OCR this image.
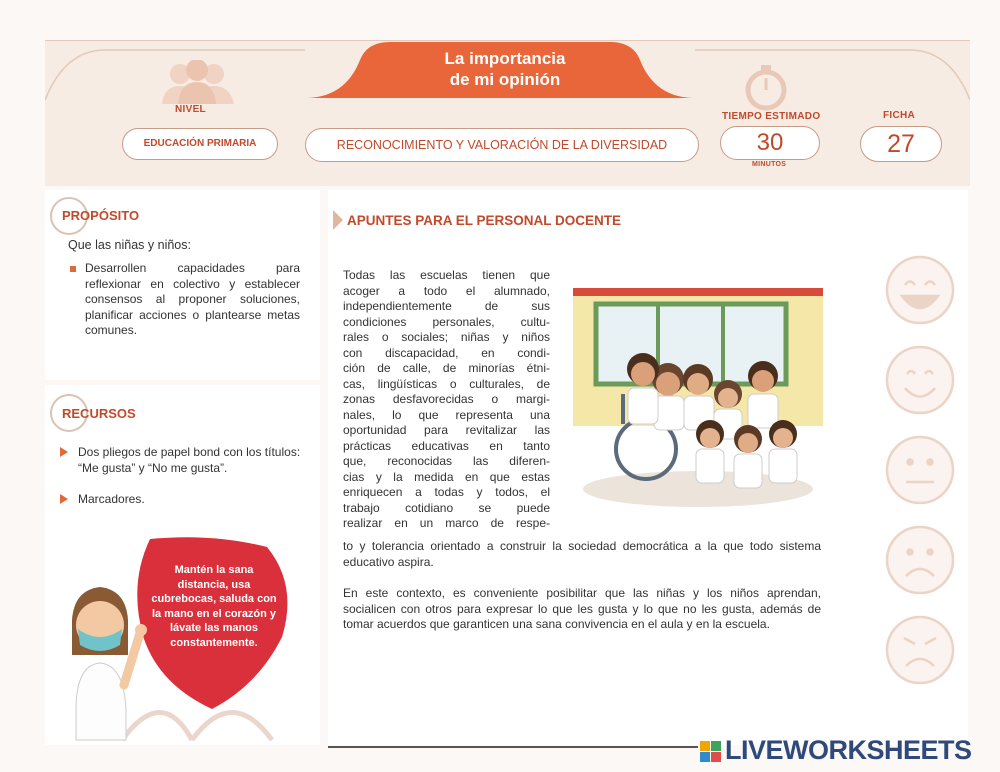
La importancia
de mi opinión
NIVEL
EDUCACIÓN PRIMARIA	RECONOCIMIENTO Y VALORACIÓN DE LA DIVERSIDAD
TIEMPO ESTIMADO
30
MINUTOS
FICHA
27
PROPÓSITO
Que las niñas y niños:
Desarrollen capacidades para reflexionar en colectivo y establecer consensos al proponer soluciones, planificar acciones o plantearse metas comunes.
RECURSOS
Dos pliegos de papel bond con los títulos: “Me gusta” y “No me gusta”.
Marcadores.
Mantén la sana distancia, usa cubrebocas, saluda con la mano en el corazón y lávate las manos constantemente.
APUNTES PARA EL PERSONAL DOCENTE
Todas las escuelas tienen que
acoger a todo el alumnado,
independientemente de sus
condiciones personales, cultu-
rales o sociales; niñas y niños
con discapacidad, en condi-
ción de calle, de minorías étni-
cas, lingüísticas o culturales, de
zonas desfavorecidas o margi-
nales, lo que representa una
oportunidad para revitalizar las
prácticas educativas en tanto
que, reconocidas las diferen-
cias y la medida en que estas
enriquecen a todas y todos, el
trabajo cotidiano se puede
realizar en un marco de respe-
to y tolerancia orientado a construir la sociedad democrática a la que todo sistema educativo aspira.
En este contexto, es conveniente posibilitar que las niñas y los niños aprendan, socialicen con otros para expresar lo que les gusta y lo que no les gusta, además de tomar acuerdos que garanticen una sana convivencia en el aula y en la escuela.
LIVEWORKSHEETS
